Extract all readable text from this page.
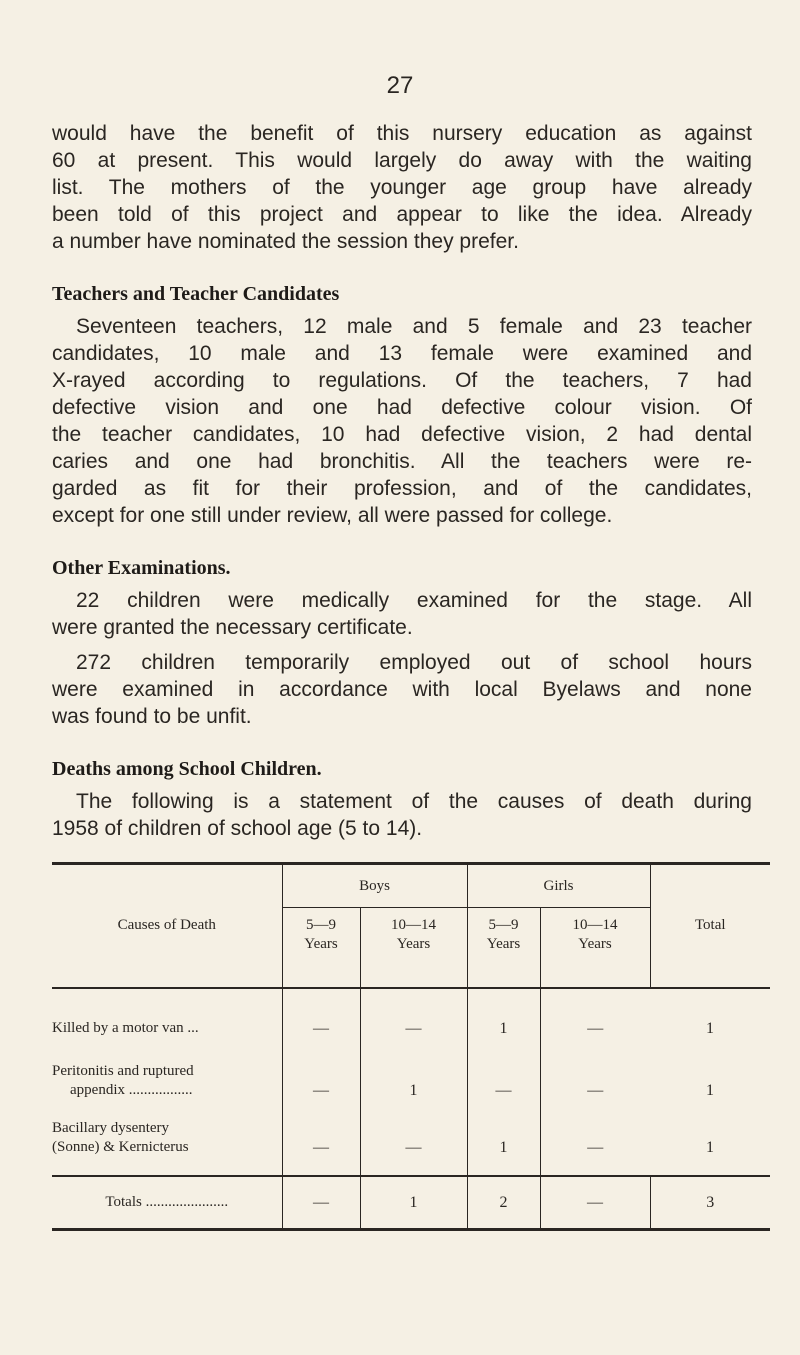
27
would have the benefit of this nursery education as against
60 at present. This would largely do away with the waiting
list. The mothers of the younger age group have already
been told of this project and appear to like the idea. Already
a number have nominated the session they prefer.
Teachers and Teacher Candidates
Seventeen teachers, 12 male and 5 female and 23 teacher
candidates, 10 male and 13 female were examined and
X-rayed according to regulations. Of the teachers, 7 had
defective vision and one had defective colour vision. Of
the teacher candidates, 10 had defective vision, 2 had dental
caries and one had bronchitis. All the teachers were re-
garded as fit for their profession, and of the candidates,
except for one still under review, all were passed for college.
Other Examinations.
22 children were medically examined for the stage. All
were granted the necessary certificate.
272 children temporarily employed out of school hours
were examined in accordance with local Byelaws and none
was found to be unfit.
Deaths among School Children.
The following is a statement of the causes of death during
1958 of children of school age (5 to 14).
Causes of Death	Boys		Girls		Total
	5—9
Years	10—14
Years	5—9
Years	10—14
Years	
Killed by a motor van ...	—	—	1	—	1
Peritonitis and ruptured
appendix .................	—	1	—	—	1
Bacillary dysentery
(Sonne) & Kernicterus	—	—	1	—	1
Totals ......................	—	1	2	—	3
